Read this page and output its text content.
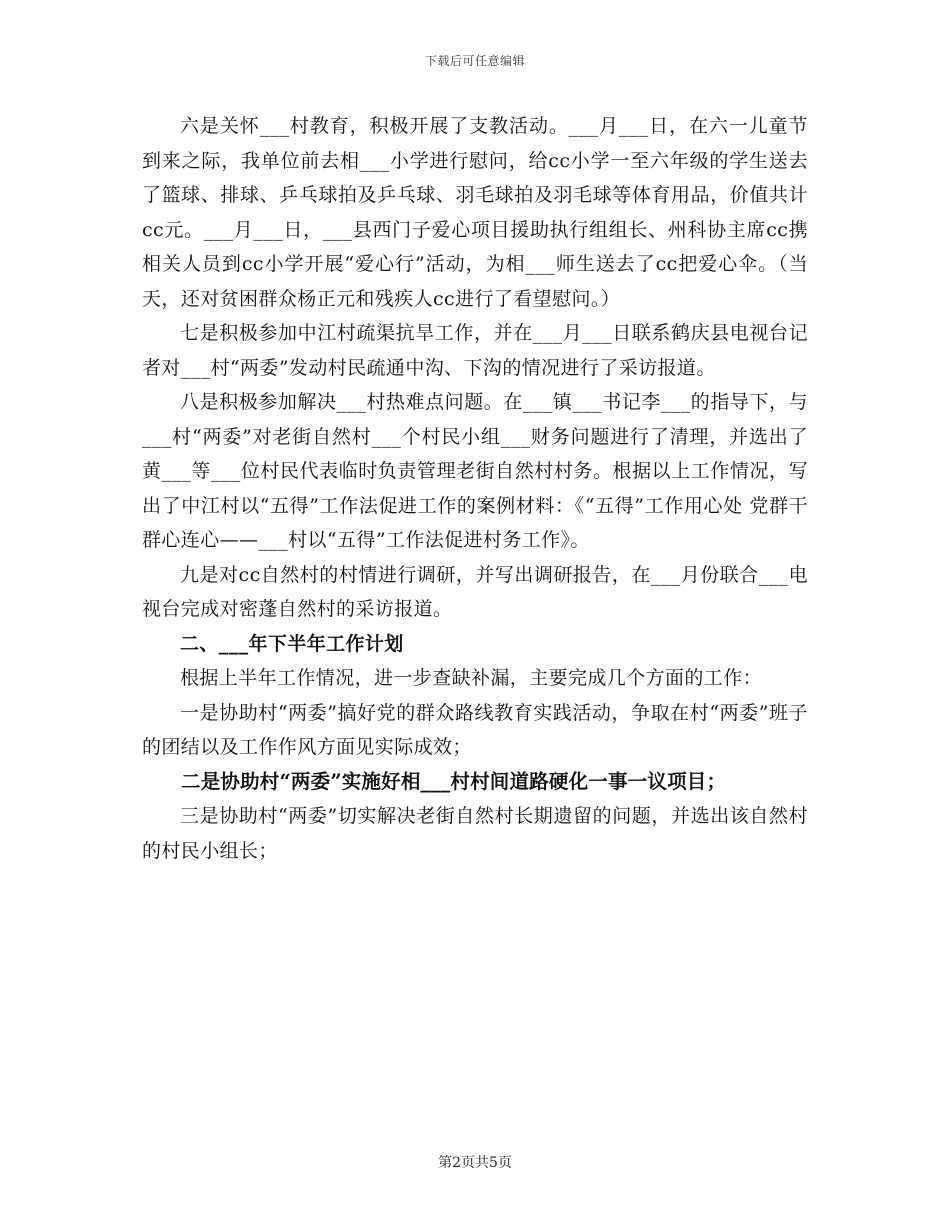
下载后可任意编辑

六是关怀___村教育，积极开展了支教活动。___月___日，在六一儿童节到来之际，我单位前去相___小学进行慰问，给cc小学一至六年级的学生送去了篮球、排球、乒乓球拍及乒乓球、羽毛球拍及羽毛球等体育用品，价值共计cc元。___月___日，___县西门子爱心项目援助执行组组长、州科协主席cc携相关人员到cc小学开展“爱心行”活动，为相___师生送去了cc把爱心伞。（当天，还对贫困群众杨正元和残疾人cc进行了看望慰问。）

七是积极参加中江村疏渠抗旱工作，并在___月___日联系鹤庆县电视台记者对___村“两委”发动村民疏通中沟、下沟的情况进行了采访报道。

八是积极参加解决___村热难点问题。在___镇___书记李___的指导下，与___村“两委”对老街自然村___个村民小组___财务问题进行了清理，并选出了黄___等___位村民代表临时负责管理老街自然村村务。根据以上工作情况，写出了中江村以“五得”工作法促进工作的案例材料：《“五得”工作用心处 党群干群心连心——___村以“五得”工作法促进村务工作》。

九是对cc自然村的村情进行调研，并写出调研报告，在___月份联合___电视台完成对密蓬自然村的采访报道。

二、___年下半年工作计划

根据上半年工作情况，进一步查缺补漏，主要完成几个方面的工作：

一是协助村“两委”搞好党的群众路线教育实践活动，争取在村“两委”班子的团结以及工作作风方面见实际成效；

二是协助村“两委”实施好相___村村间道路硬化一事一议项目；

三是协助村“两委”切实解决老街自然村长期遗留的问题，并选出该自然村的村民小组长；

第2页共5页
